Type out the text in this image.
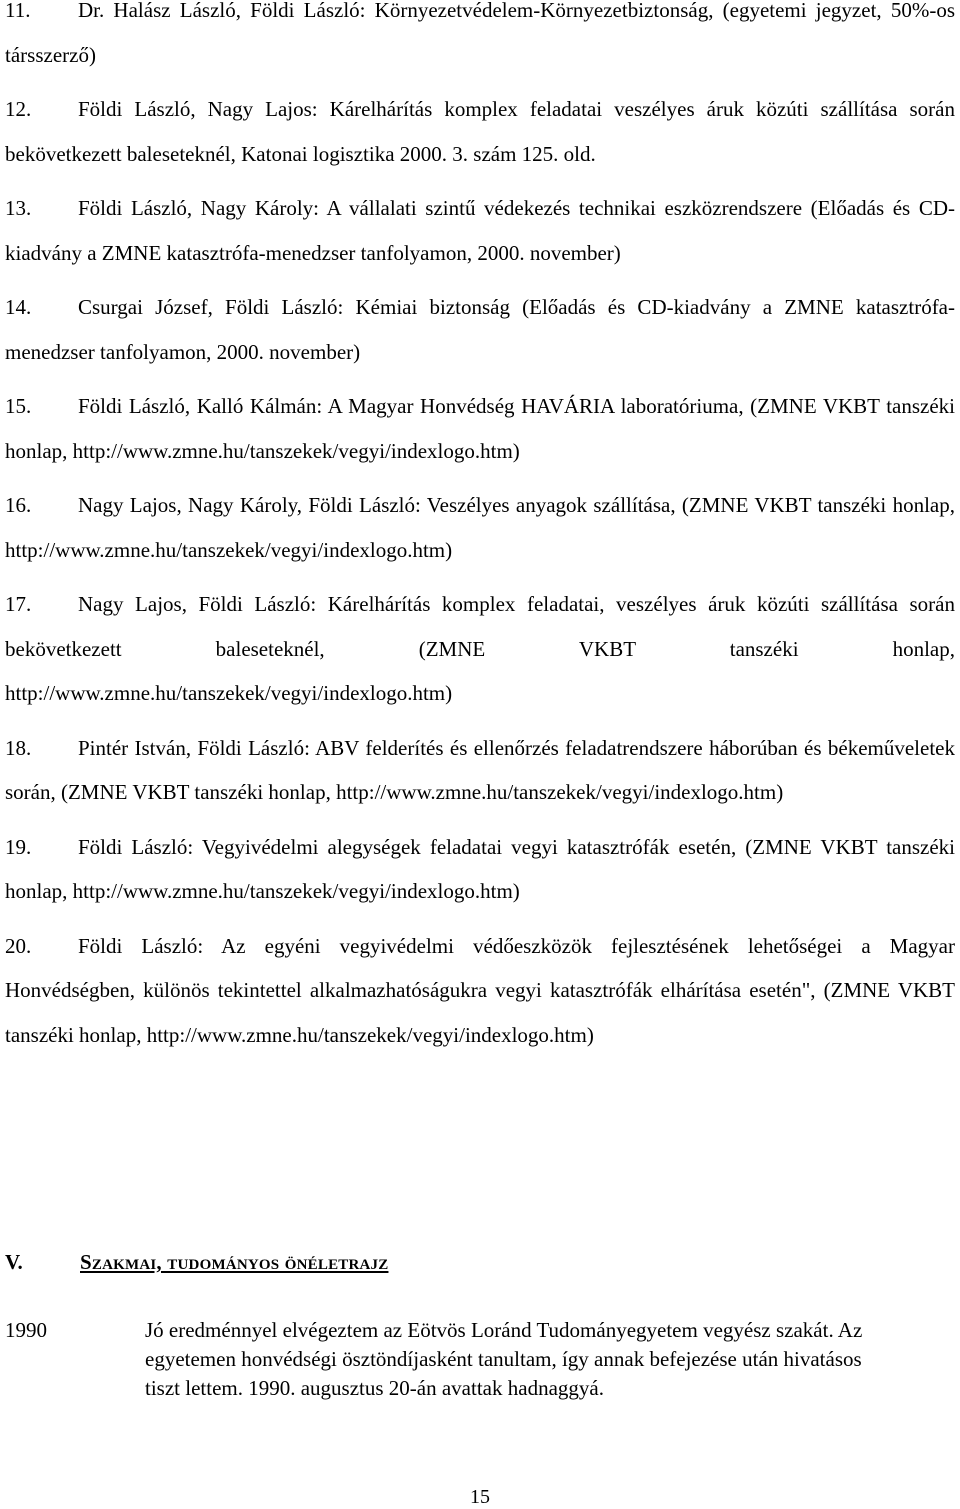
11. Dr. Halász László, Földi László: Környezetvédelem-Környezetbiztonság, (egyetemi jegyzet, 50%-os társszerző)
12. Földi László, Nagy Lajos: Kárelhárítás komplex feladatai veszélyes áruk közúti szállítása során bekövetkezett baleseteknél, Katonai logisztika 2000. 3. szám 125. old.
13. Földi László, Nagy Károly: A vállalati szintű védekezés technikai eszközrendszere (Előadás és CD-kiadvány a ZMNE katasztrófa-menedzser tanfolyamon, 2000. november)
14. Csurgai József, Földi László: Kémiai biztonság (Előadás és CD-kiadvány a ZMNE katasztrófa-menedzser tanfolyamon, 2000. november)
15. Földi László, Kalló Kálmán: A Magyar Honvédség HAVÁRIA laboratóriuma, (ZMNE VKBT tanszéki honlap, http://www.zmne.hu/tanszekek/vegyi/indexlogo.htm)
16. Nagy Lajos, Nagy Károly, Földi László: Veszélyes anyagok szállítása, (ZMNE VKBT tanszéki honlap, http://www.zmne.hu/tanszekek/vegyi/indexlogo.htm)
17. Nagy Lajos, Földi László: Kárelhárítás komplex feladatai, veszélyes áruk közúti szállítása során bekövetkezett baleseteknél, (ZMNE VKBT tanszéki honlap, http://www.zmne.hu/tanszekek/vegyi/indexlogo.htm)
18. Pintér István, Földi László: ABV felderítés és ellenőrzés feladatrendszere háborúban és békeműveletek során, (ZMNE VKBT tanszéki honlap, http://www.zmne.hu/tanszekek/vegyi/indexlogo.htm)
19. Földi László: Vegyivédelmi alegységek feladatai vegyi katasztrófák esetén, (ZMNE VKBT tanszéki honlap, http://www.zmne.hu/tanszekek/vegyi/indexlogo.htm)
20. Földi László: Az egyéni vegyivédelmi védőeszközök fejlesztésének lehetőségei a Magyar Honvédségben, különös tekintettel alkalmazhatóságukra vegyi katasztrófák elhárítása esetén", (ZMNE VKBT tanszéki honlap, http://www.zmne.hu/tanszekek/vegyi/indexlogo.htm)
V.	Szakmai, tudományos önéletrajz
1990	Jó eredménnyel elvégeztem az Eötvös Loránd Tudományegyetem vegyész szakát. Az egyetemen honvédségi ösztöndíjasként tanultam, így annak befejezése után hivatásos tiszt lettem. 1990. augusztus 20-án avattak hadnaggyá.
15
